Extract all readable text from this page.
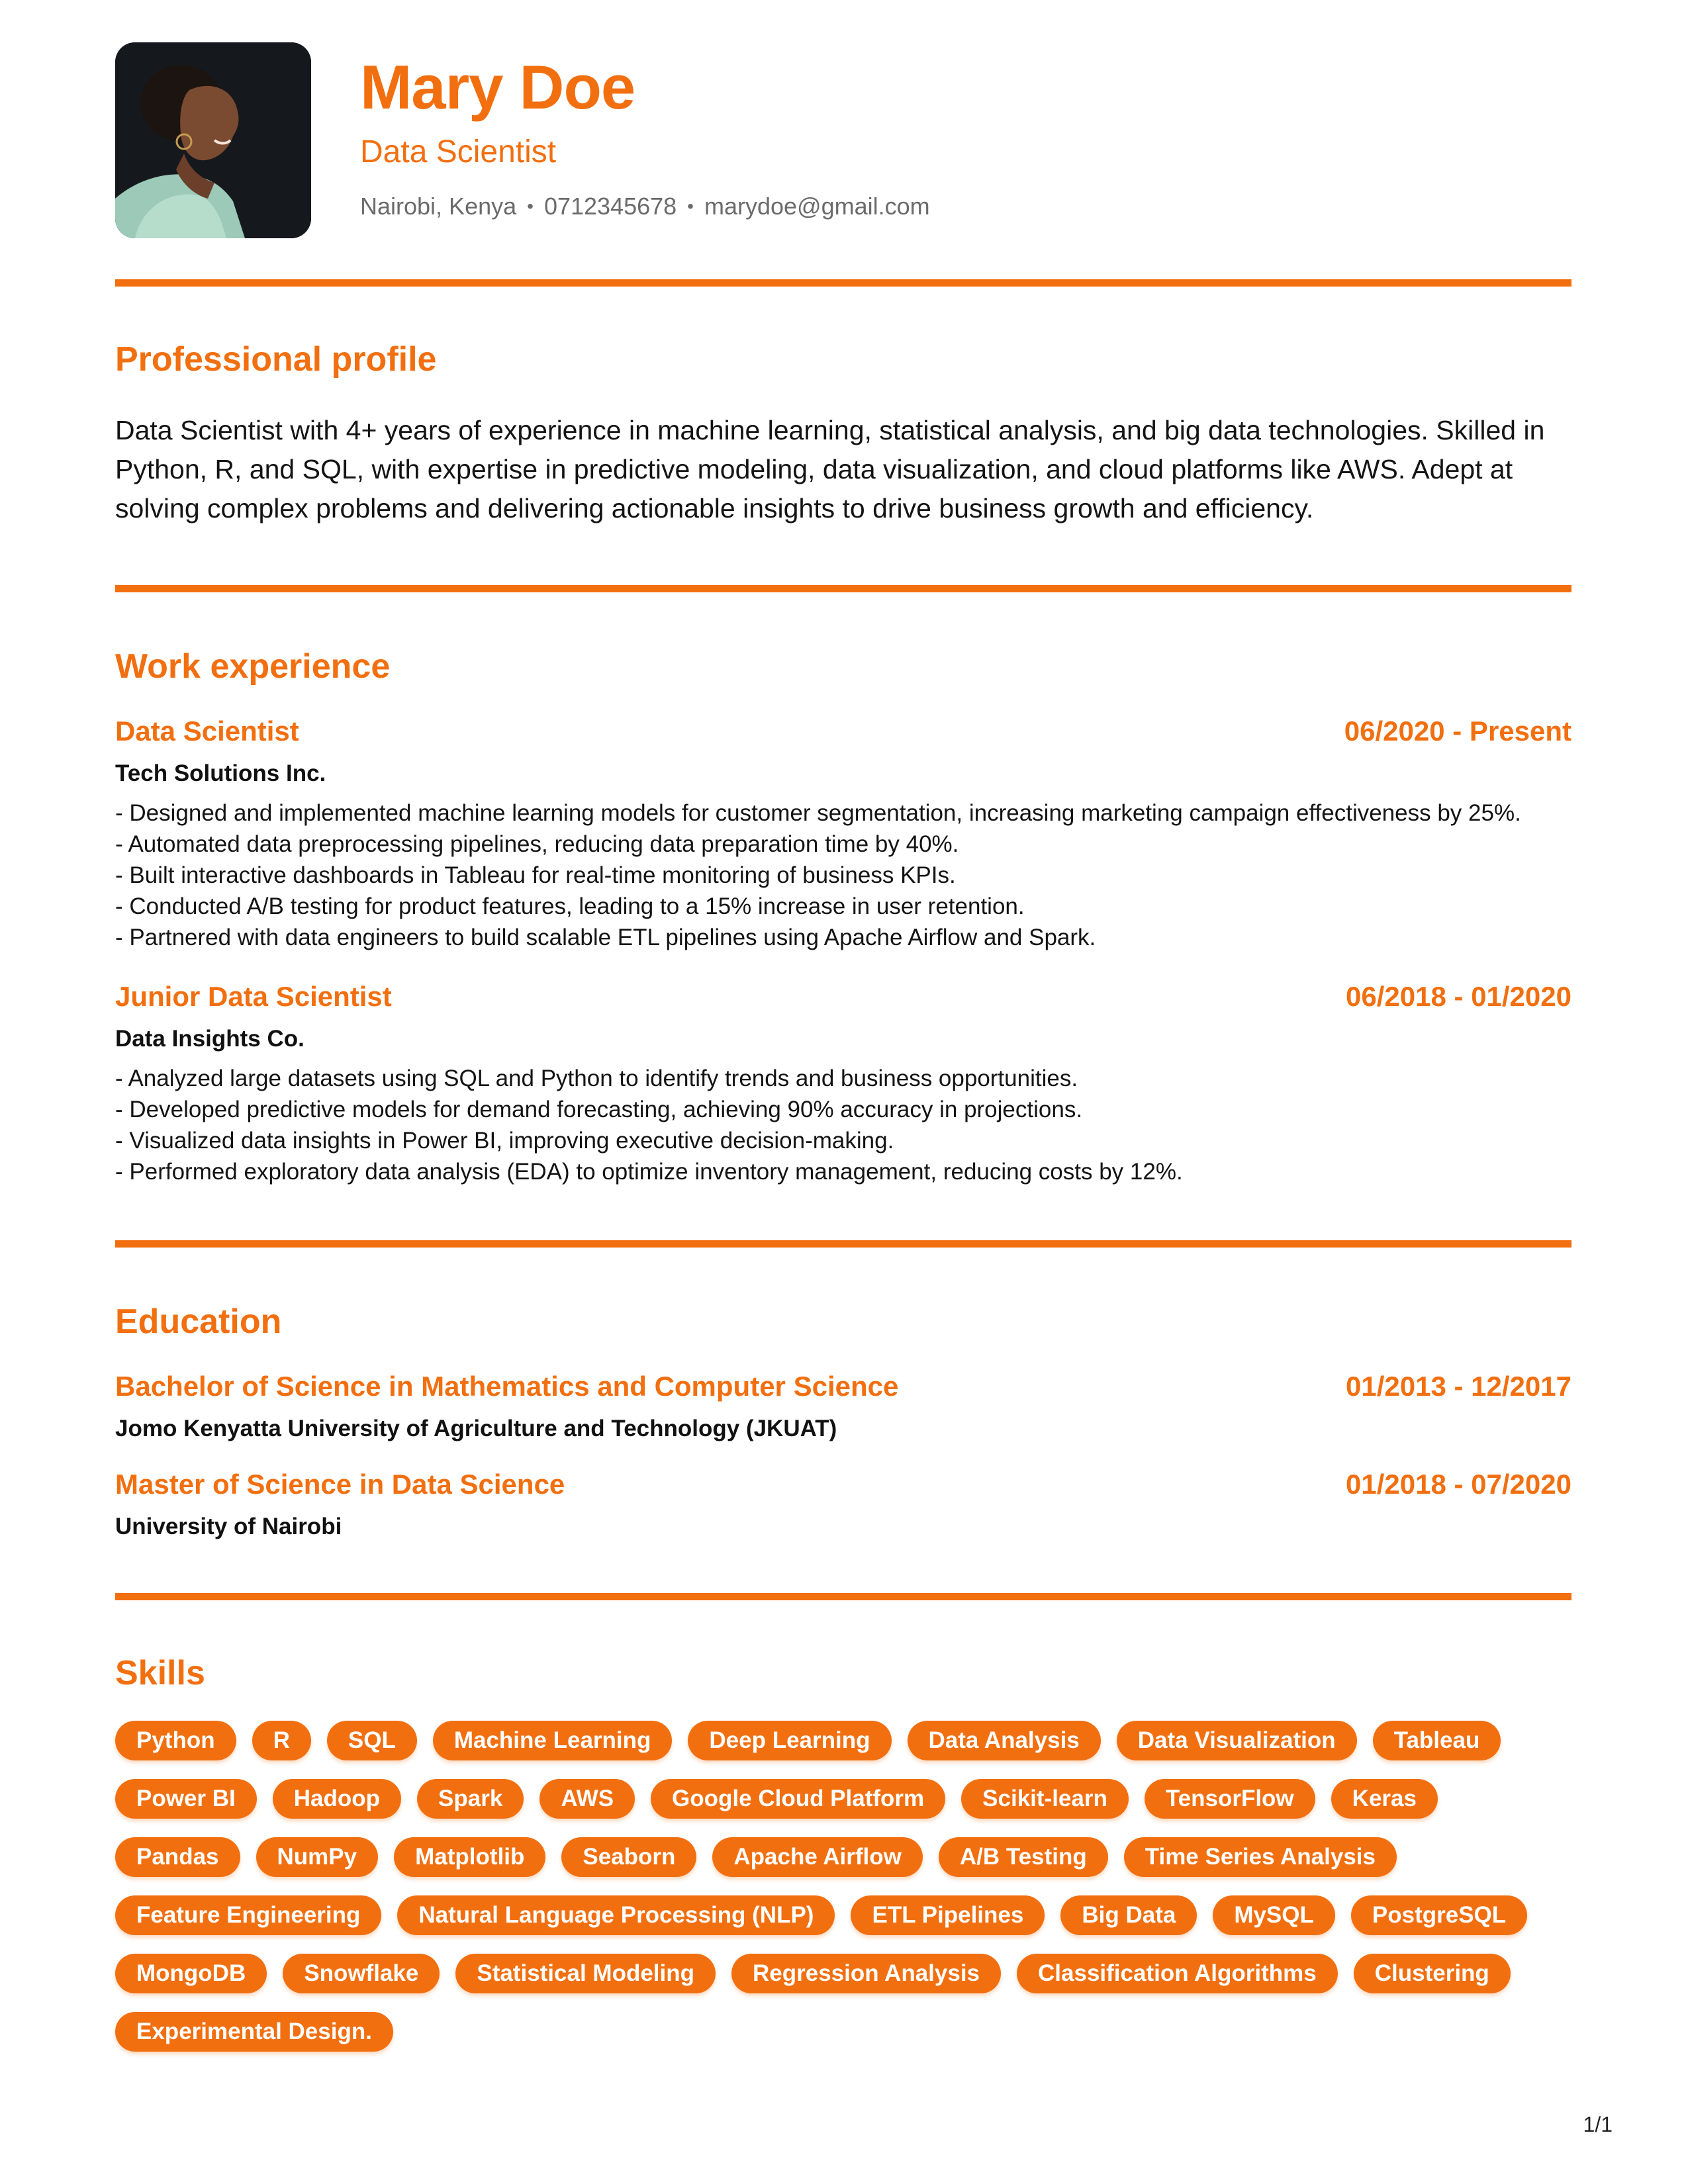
Mary Doe
Data Scientist
Nairobi, Kenya • 0712345678 • marydoe@gmail.com
Professional profile
Data Scientist with 4+ years of experience in machine learning, statistical analysis, and big data technologies. Skilled in Python, R, and SQL, with expertise in predictive modeling, data visualization, and cloud platforms like AWS. Adept at solving complex problems and delivering actionable insights to drive business growth and efficiency.
Work experience
Data Scientist	06/2020 - Present
Tech Solutions Inc.
- Designed and implemented machine learning models for customer segmentation, increasing marketing campaign effectiveness by 25%.
- Automated data preprocessing pipelines, reducing data preparation time by 40%.
- Built interactive dashboards in Tableau for real-time monitoring of business KPIs.
- Conducted A/B testing for product features, leading to a 15% increase in user retention.
- Partnered with data engineers to build scalable ETL pipelines using Apache Airflow and Spark.
Junior Data Scientist	06/2018 - 01/2020
Data Insights Co.
- Analyzed large datasets using SQL and Python to identify trends and business opportunities.
- Developed predictive models for demand forecasting, achieving 90% accuracy in projections.
- Visualized data insights in Power BI, improving executive decision-making.
- Performed exploratory data analysis (EDA) to optimize inventory management, reducing costs by 12%.
Education
Bachelor of Science in Mathematics and Computer Science	01/2013 - 12/2017
Jomo Kenyatta University of Agriculture and Technology (JKUAT)
Master of Science in Data Science	01/2018 - 07/2020
University of Nairobi
Skills
Python	R	SQL	Machine Learning	Deep Learning	Data Analysis	Data Visualization	Tableau
Power BI	Hadoop	Spark	AWS	Google Cloud Platform	Scikit-learn	TensorFlow	Keras
Pandas	NumPy	Matplotlib	Seaborn	Apache Airflow	A/B Testing	Time Series Analysis
Feature Engineering	Natural Language Processing (NLP)	ETL Pipelines	Big Data	MySQL	PostgreSQL
MongoDB	Snowflake	Statistical Modeling	Regression Analysis	Classification Algorithms	Clustering
Experimental Design.
1/1
